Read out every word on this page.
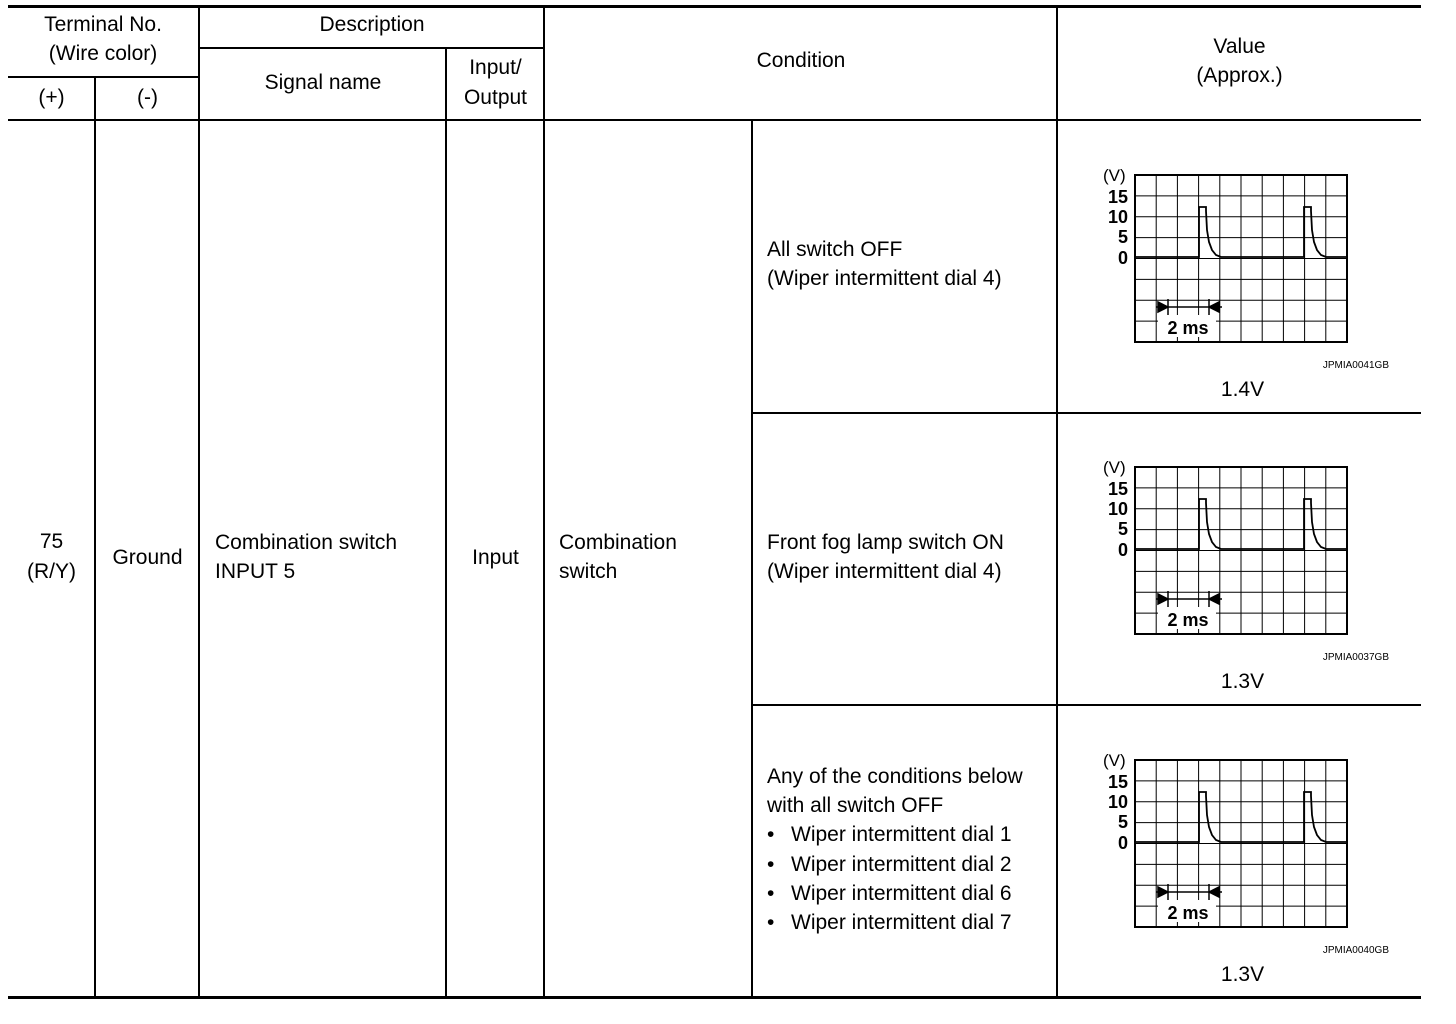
Terminal No.
(Wire color)
(+)	(-)
Description
Signal name
Input/
Output
Condition
Value
(Approx.)
75
(R/Y)
Ground
Combination switch
INPUT 5
Input
Combination
switch
All switch OFF
(Wiper intermittent dial 4)
Front fog lamp switch ON
(Wiper intermittent dial 4)
Any of the conditions below
with all switch OFF
• Wiper intermittent dial 1
• Wiper intermittent dial 2
• Wiper intermittent dial 6
• Wiper intermittent dial 7
(V)
15
10
5
0
2 ms
JPMIA0041GB
1.4V
(V)
15
10
5
0
2 ms
JPMIA0037GB
1.3V
(V)
15
10
5
0
2 ms
JPMIA0040GB
1.3V
